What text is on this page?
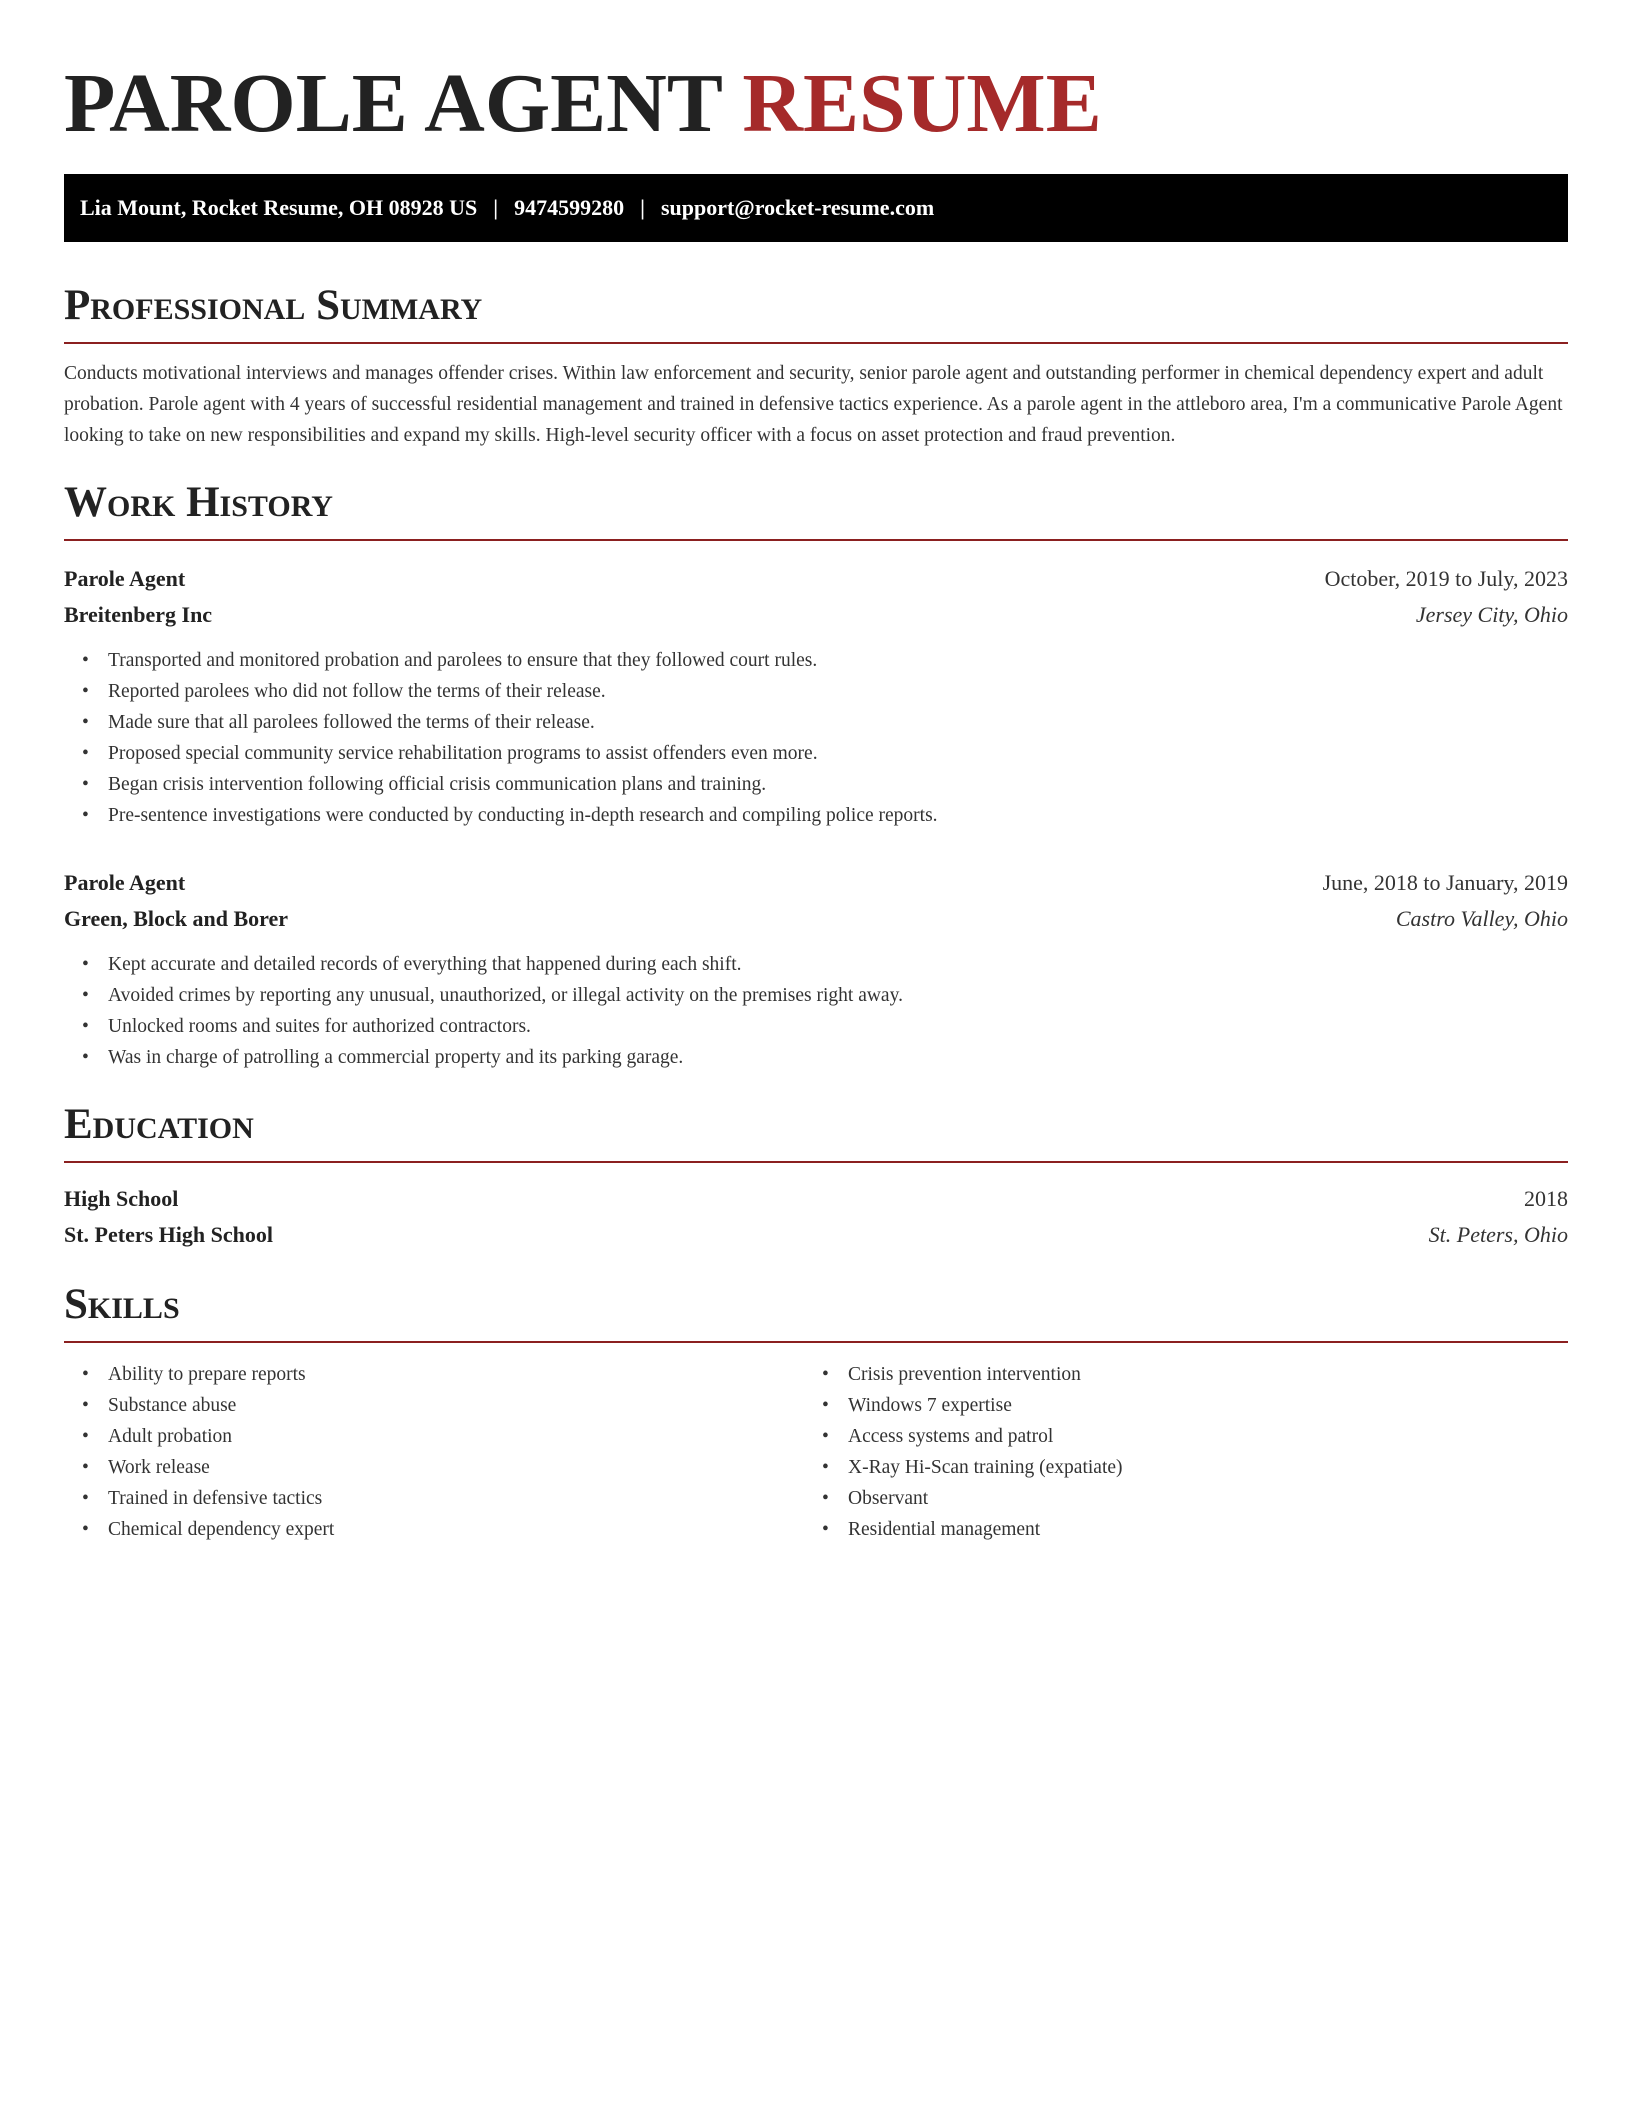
PAROLE AGENT RESUME
Lia Mount, Rocket Resume, OH 08928 US | 9474599280 | support@rocket-resume.com
Professional Summary

Conducts motivational interviews and manages offender crises. Within law enforcement and security, senior parole agent and outstanding performer in chemical dependency expert and adult probation. Parole agent with 4 years of successful residential management and trained in defensive tactics experience. As a parole agent in the attleboro area, I'm a communicative Parole Agent looking to take on new responsibilities and expand my skills. High-level security officer with a focus on asset protection and fraud prevention.

Work History
Parole Agent	October, 2019 to July, 2023
Breitenberg Inc	Jersey City, Ohio
• Transported and monitored probation and parolees to ensure that they followed court rules.
• Reported parolees who did not follow the terms of their release.
• Made sure that all parolees followed the terms of their release.
• Proposed special community service rehabilitation programs to assist offenders even more.
• Began crisis intervention following official crisis communication plans and training.
• Pre-sentence investigations were conducted by conducting in-depth research and compiling police reports.
Parole Agent	June, 2018 to January, 2019
Green, Block and Borer	Castro Valley, Ohio
• Kept accurate and detailed records of everything that happened during each shift.
• Avoided crimes by reporting any unusual, unauthorized, or illegal activity on the premises right away.
• Unlocked rooms and suites for authorized contractors.
• Was in charge of patrolling a commercial property and its parking garage.
Education
High School	2018
St. Peters High School	St. Peters, Ohio
Skills
• Ability to prepare reports
• Substance abuse
• Adult probation
• Work release
• Trained in defensive tactics
• Chemical dependency expert
• Crisis prevention intervention
• Windows 7 expertise
• Access systems and patrol
• X-Ray Hi-Scan training (expatiate)
• Observant
• Residential management
